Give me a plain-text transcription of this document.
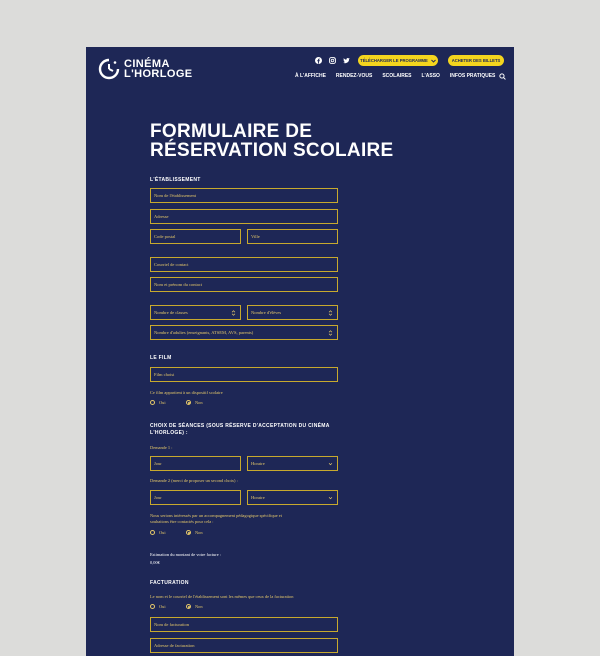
CINÉMA
L'HORLOGE
TÉLÉCHARGER LE PROGRAMME	ACHETER DES BILLETS
À L'AFFICHE RENDEZ-VOUS SCOLAIRES L'ASSO INFOS PRATIQUES
FORMULAIRE DE
RÉSERVATION SCOLAIRE
L'ÉTABLISSEMENT
Nom de l'établissement
Adresse
Code postal	Ville
Courriel de contact
Nom et prénom du contact
Nombre de classes	Nombre d'élèves
Nombre d'adultes (enseignants, ATSEM, AVS, parents)
LE FILM
Film choisi
Ce film appartient à un dispositif scolaire
Oui	Non
CHOIX DE SÉANCES (SOUS RÉSERVE D'ACCEPTATION DU CINÉMA
L'HORLOGE) :
Demande 1 :
Jour	Horaire
Demande 2 (merci de proposer un second choix) :
Jour	Horaire
Nous serions intéressés par un accompagnement pédagogique spécifique et
souhaitons être contactés pour cela :
Oui	Non
Estimation du montant de votre facture :
0,00€
FACTURATION
Le nom et le courriel de l'établissement sont les mêmes que ceux de la facturation
Oui	Non
Nom de facturation
Adresse de facturation
